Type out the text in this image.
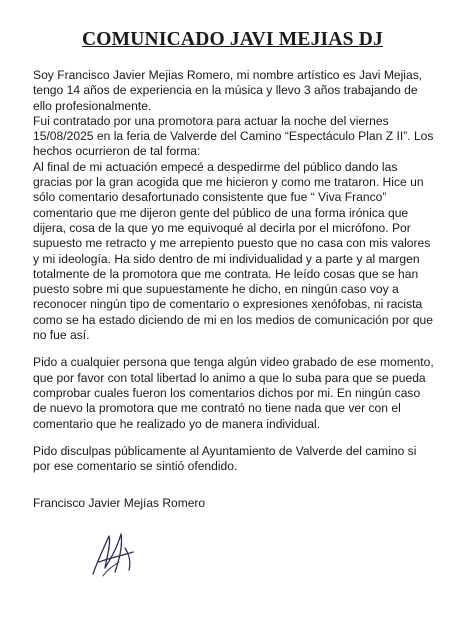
COMUNICADO JAVI MEJIAS DJ

Soy Francisco Javier Mejias Romero, mi nombre artístico es Javi Mejias, tengo 14 años de experiencia en la música y llevo 3 años trabajando de ello profesionalmente.

Fui contratado por una promotora para actuar la noche del viernes 15/08/2025 en la feria de Valverde del Camino “Espectáculo Plan Z II”. Los hechos ocurrieron de tal forma:

Al final de mi actuación empecé a despedirme del público dando las gracias por la gran acogida que me hicieron y como me trataron. Hice un sólo comentario desafortunado consistente que fue “ Viva Franco” comentario que me dijeron gente del público de una forma irónica que dijera, cosa de la que yo me equivoqué al decirla por el micrófono. Por supuesto me retracto y me arrepiento puesto que no casa con mis valores y mi ideología. Ha sido dentro de mi individualidad y a parte y al margen totalmente de la promotora que me contrata. He leído cosas que se han puesto sobre mi que supuestamente he dicho, en ningún caso voy a reconocer ningún tipo de comentario o expresiones xenófobas, ni racista como se ha estado diciendo de mi en los medios de comunicación por que no fue así.

Pido a cualquier persona que tenga algún video grabado de ese momento, que por favor con total libertad lo animo a que lo suba para que se pueda comprobar cuales fueron los comentarios dichos por mi. En ningún caso de nuevo la promotora que me contrató no tiene nada que ver con el comentario que he realizado yo de manera individual.

Pido disculpas públicamente al Ayuntamiento de Valverde del camino si por ese comentario se sintió ofendido.

Francisco Javier Mejías Romero
